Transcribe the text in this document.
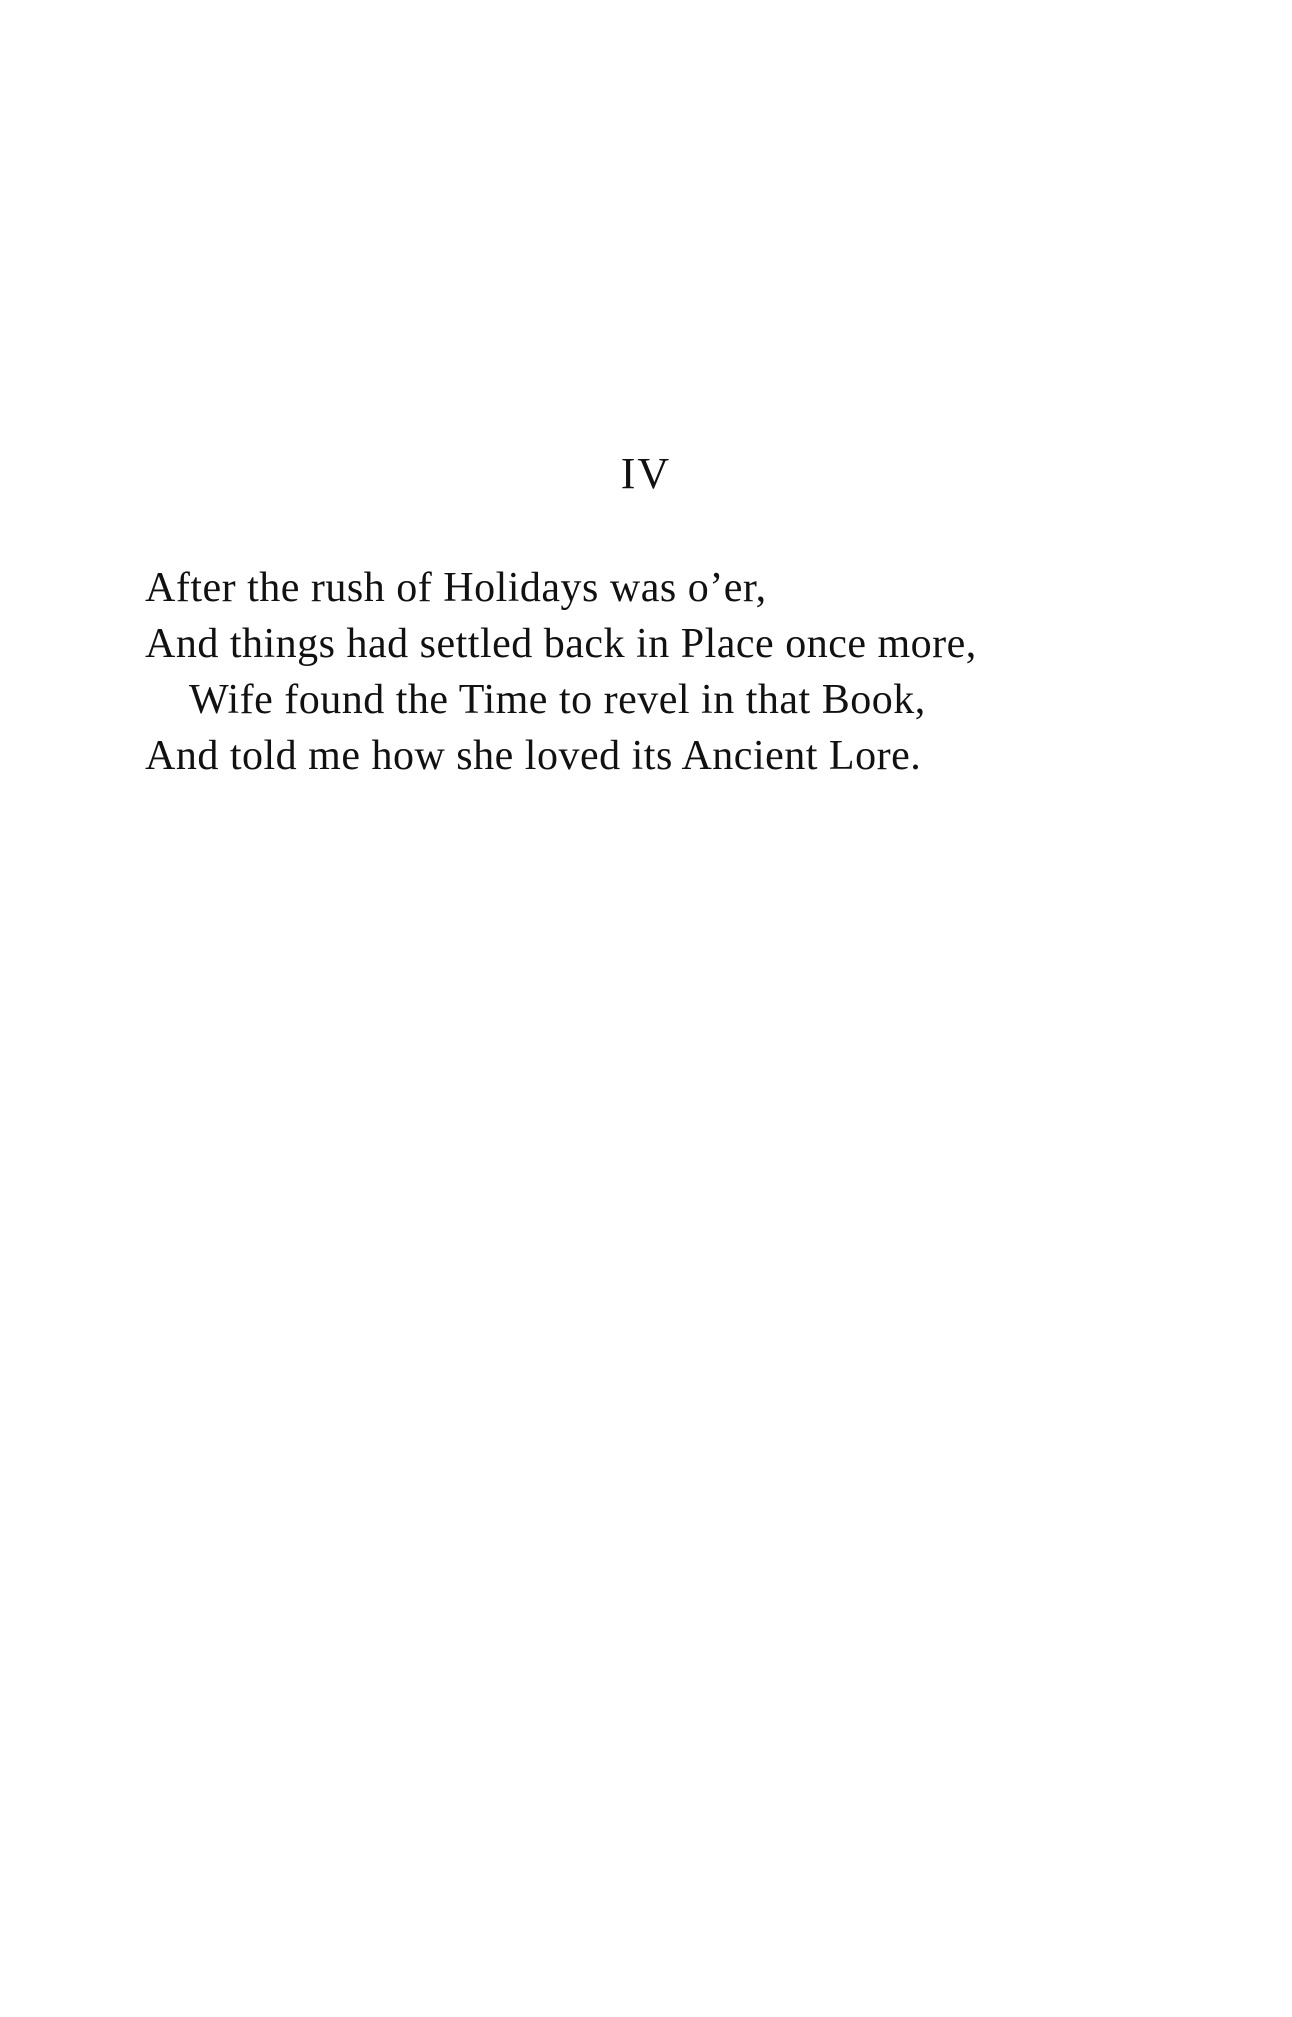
IV
After the rush of Holidays was o’er,
And things had settled back in Place once more,
Wife found the Time to revel in that Book,
And told me how she loved its Ancient Lore.
